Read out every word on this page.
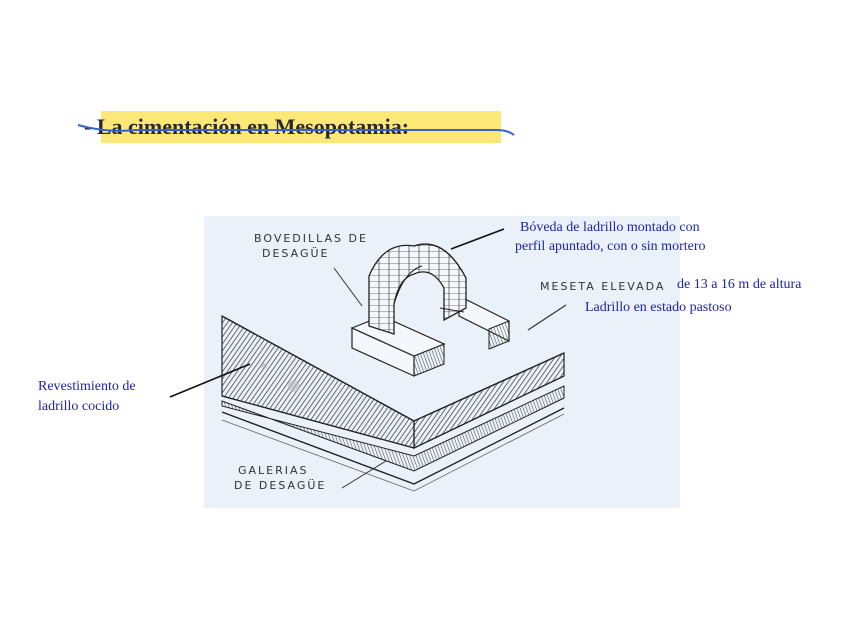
- La cimentación en Mesopotamia:
BOVEDILLAS DE
DESAGÜE
MESETA ELEVADA
GALERIAS
DE DESAGÜE
Bóveda de ladrillo montado con
perfil apuntado, con o sin mortero
de 13 a 16 m de altura
Ladrillo en estado pastoso
Revestimiento de
ladrillo cocido
